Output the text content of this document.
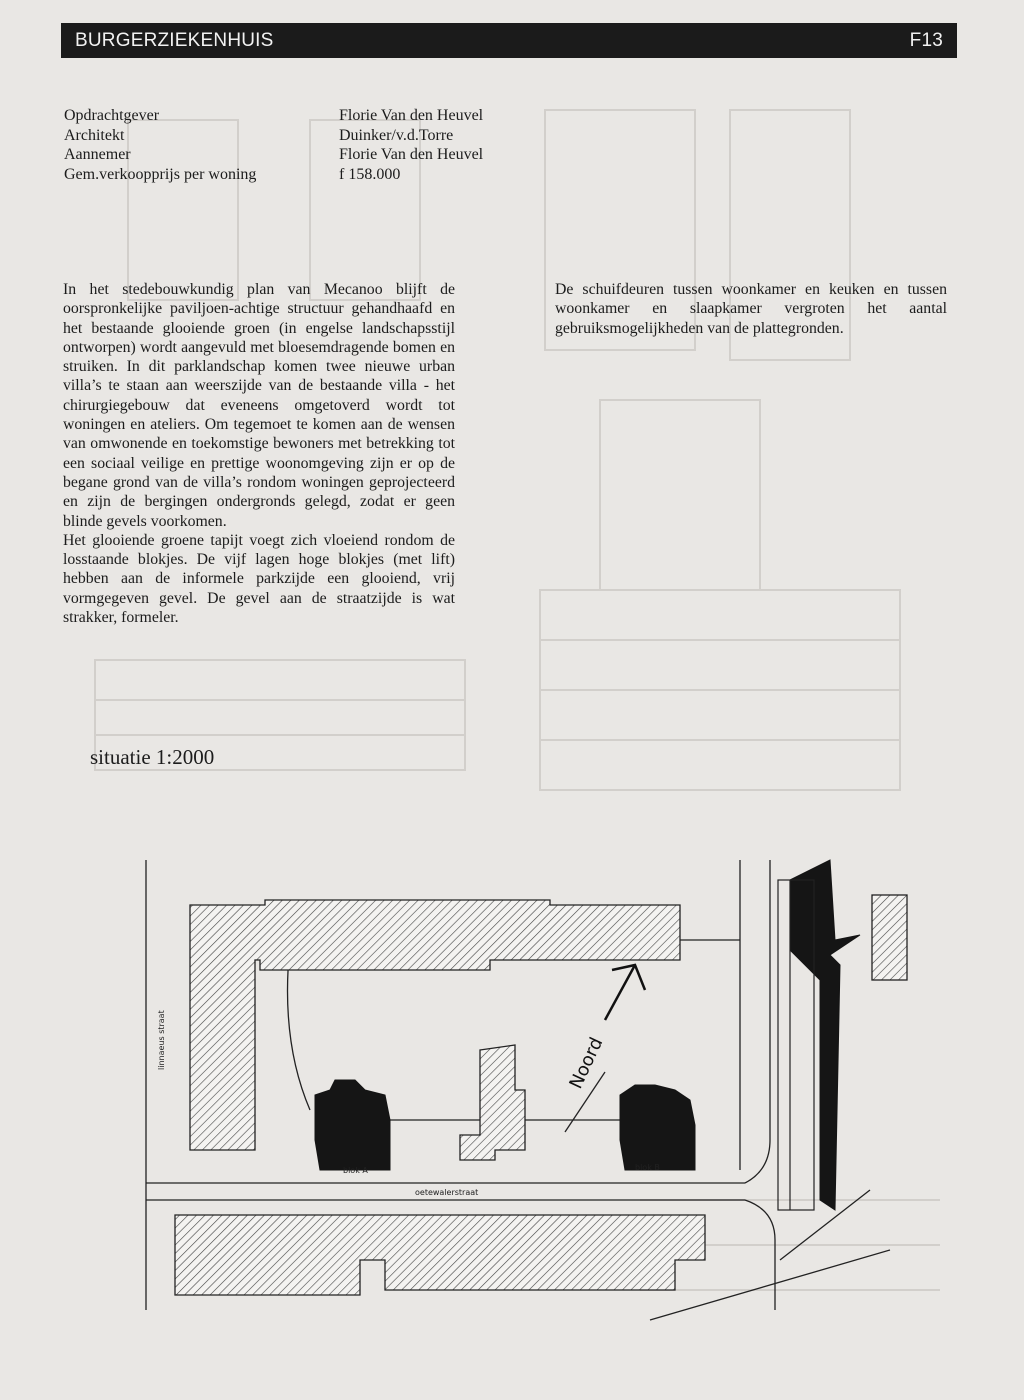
BURGERZIEKENHUIS	F13
Opdrachtgever	Florie Van den Heuvel
Architekt	Duinker/v.d.Torre
Aannemer	Florie Van den Heuvel
Gem.verkoopprijs per woning	f 158.000

In het stedebouwkundig plan van Mecanoo blijft de oorspronkelijke paviljoen-achtige structuur gehandhaafd en het bestaande glooiende groen (in engelse landschapsstijl ontworpen) wordt aangevuld met bloesemdragende bomen en struiken. In dit parklandschap komen twee nieuwe urban villa’s te staan aan weerszijde van de bestaande villa - het chirurgiegebouw dat eveneens omgetoverd wordt tot woningen en ateliers. Om tegemoet te komen aan de wensen van omwonende en toekomstige bewoners met betrekking tot een sociaal veilige en prettige woonomgeving zijn er op de begane grond van de villa’s rondom woningen geprojecteerd en zijn de bergingen ondergronds gelegd, zodat er geen blinde gevels voorkomen.

Het glooiende groene tapijt voegt zich vloeiend rondom de losstaande blokjes. De vijf lagen hoge blokjes (met lift) hebben aan de informele parkzijde een glooiend, vrij vormgegeven gevel. De gevel aan de straatzijde is wat strakker, formeler.

De schuifdeuren tussen woonkamer en keuken en tussen woonkamer en slaapkamer vergroten het aantal gebruiksmogelijkheden van de plattegronden.
situatie 1:2000
linnaeus straat
oetewalerstraat
blok A	blok B
Noord
